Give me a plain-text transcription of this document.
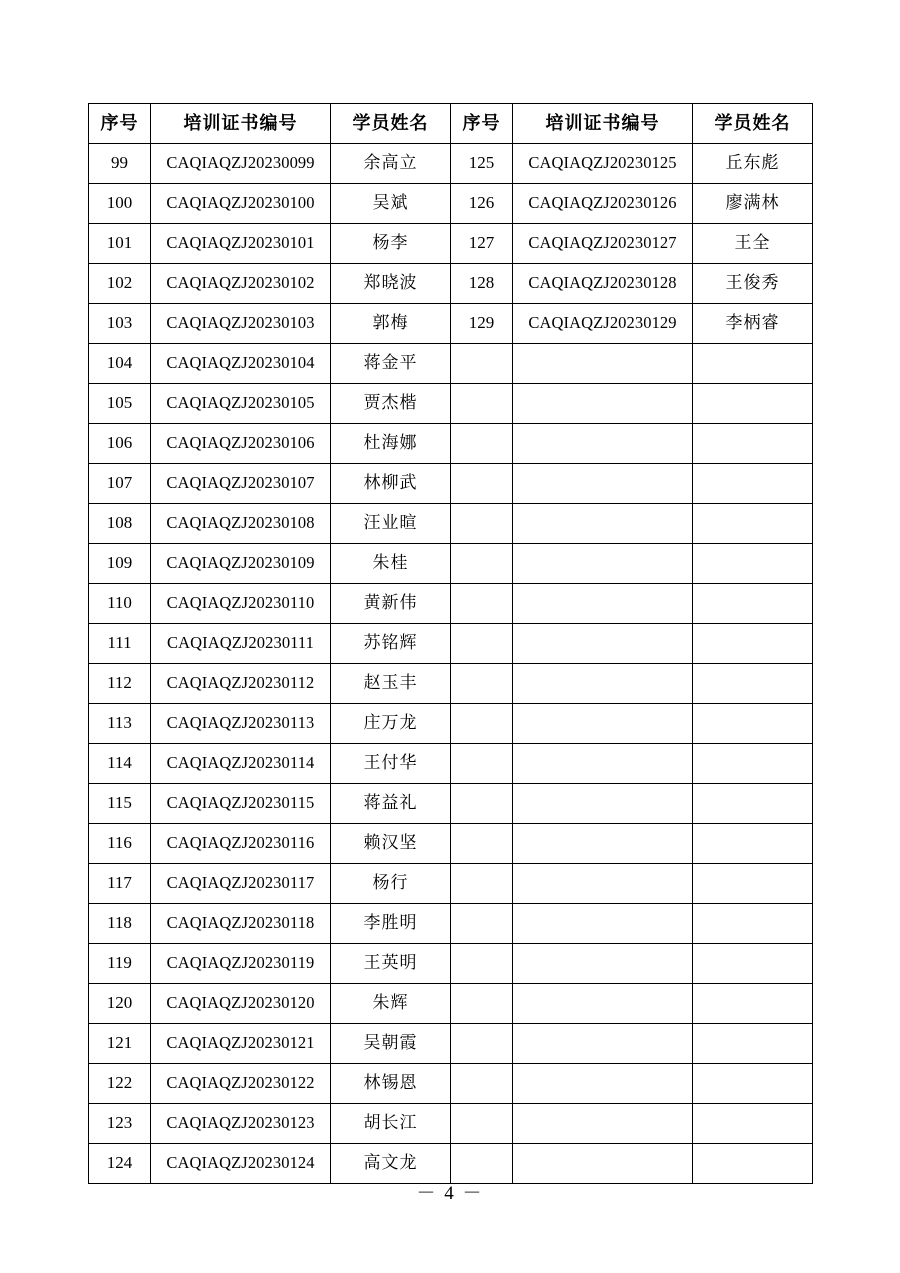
序号	培训证书编号	学员姓名	序号	培训证书编号	学员姓名
99	CAQIAQZJ20230099	余高立	125	CAQIAQZJ20230125	丘东彪
100	CAQIAQZJ20230100	吴斌	126	CAQIAQZJ20230126	廖满林
101	CAQIAQZJ20230101	杨李	127	CAQIAQZJ20230127	王全
102	CAQIAQZJ20230102	郑晓波	128	CAQIAQZJ20230128	王俊秀
103	CAQIAQZJ20230103	郭梅	129	CAQIAQZJ20230129	李柄睿
104	CAQIAQZJ20230104	蒋金平			
105	CAQIAQZJ20230105	贾杰楷			
106	CAQIAQZJ20230106	杜海娜			
107	CAQIAQZJ20230107	林柳武			
108	CAQIAQZJ20230108	汪业暄			
109	CAQIAQZJ20230109	朱桂			
110	CAQIAQZJ20230110	黄新伟			
111	CAQIAQZJ20230111	苏铭辉			
112	CAQIAQZJ20230112	赵玉丰			
113	CAQIAQZJ20230113	庄万龙			
114	CAQIAQZJ20230114	王付华			
115	CAQIAQZJ20230115	蒋益礼			
116	CAQIAQZJ20230116	赖汉坚			
117	CAQIAQZJ20230117	杨行			
118	CAQIAQZJ20230118	李胜明			
119	CAQIAQZJ20230119	王英明			
120	CAQIAQZJ20230120	朱辉			
121	CAQIAQZJ20230121	吴朝霞			
122	CAQIAQZJ20230122	林锡恩			
123	CAQIAQZJ20230123	胡长江			
124	CAQIAQZJ20230124	高文龙			
－ 4 －
